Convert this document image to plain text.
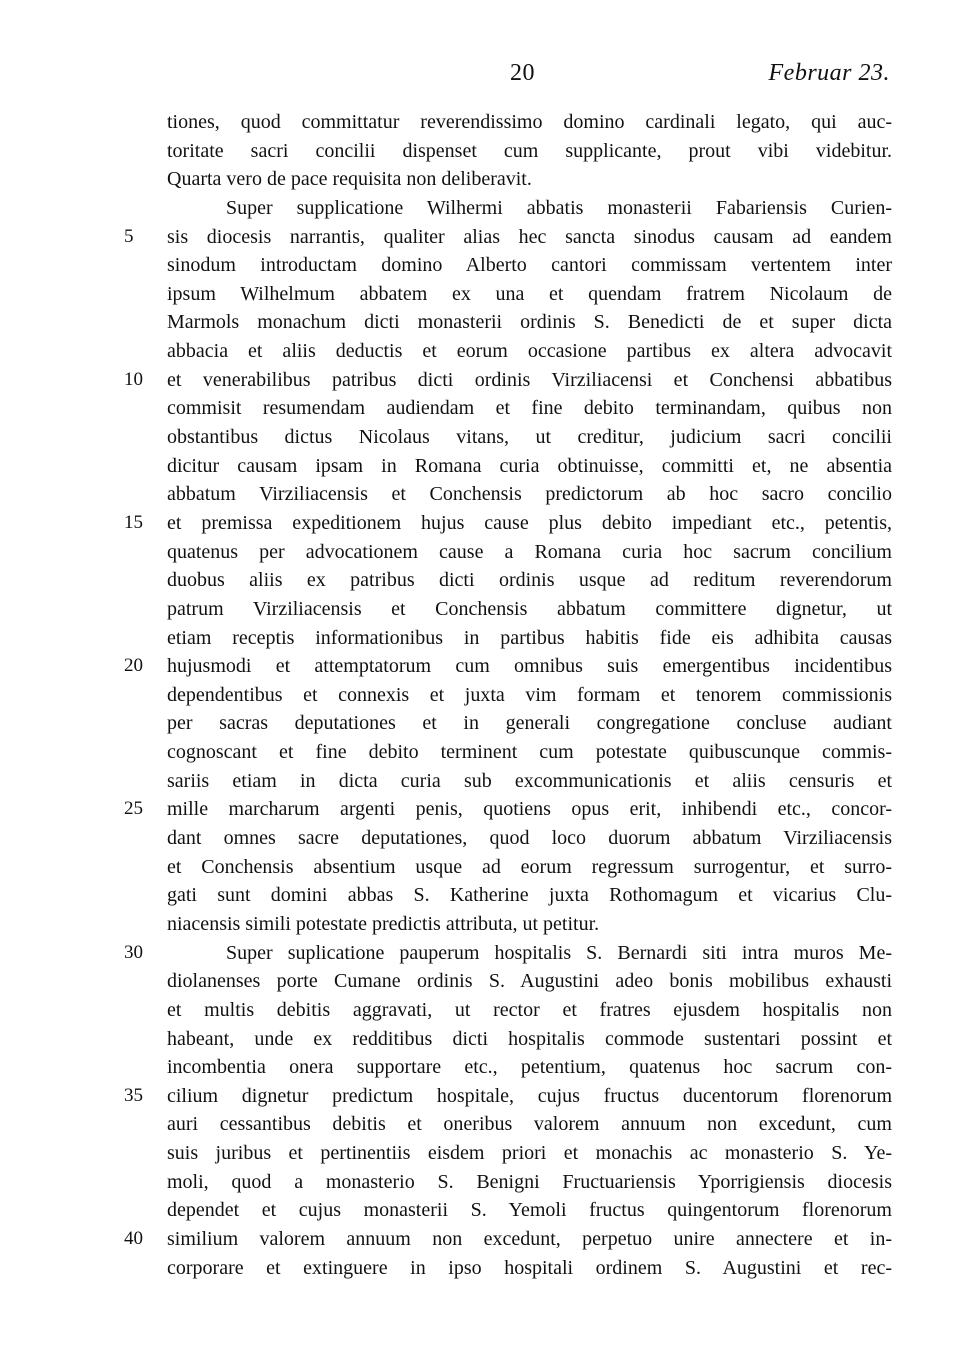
20	Februar 23.
tiones, quod committatur reverendissimo domino cardinali legato, qui auc-
toritate sacri concilii dispenset cum supplicante, prout vibi videbitur.
Quarta vero de pace requisita non deliberavit.
Super supplicatione Wilhermi abbatis monasterii Fabariensis Curien-
5	sis diocesis narrantis, qualiter alias hec sancta sinodus causam ad eandem
sinodum introductam domino Alberto cantori commissam vertentem inter
ipsum Wilhelmum abbatem ex una et quendam fratrem Nicolaum de
Marmols monachum dicti monasterii ordinis S. Benedicti de et super dicta
abbacia et aliis deductis et eorum occasione partibus ex altera advocavit
10	et venerabilibus patribus dicti ordinis Virziliacensi et Conchensi abbatibus
commisit resumendam audiendam et fine debito terminandam, quibus non
obstantibus dictus Nicolaus vitans, ut creditur, judicium sacri concilii
dicitur causam ipsam in Romana curia obtinuisse, committi et, ne absentia
abbatum Virziliacensis et Conchensis predictorum ab hoc sacro concilio
15	et premissa expeditionem hujus cause plus debito impediant etc., petentis,
quatenus per advocationem cause a Romana curia hoc sacrum concilium
duobus aliis ex patribus dicti ordinis usque ad reditum reverendorum
patrum Virziliacensis et Conchensis abbatum committere dignetur, ut
etiam receptis informationibus in partibus habitis fide eis adhibita causas
20	hujusmodi et attemptatorum cum omnibus suis emergentibus incidentibus
dependentibus et connexis et juxta vim formam et tenorem commissionis
per sacras deputationes et in generali congregatione concluse audiant
cognoscant et fine debito terminent cum potestate quibuscunque commis-
sariis etiam in dicta curia sub excommunicationis et aliis censuris et
25	mille marcharum argenti penis, quotiens opus erit, inhibendi etc., concor-
dant omnes sacre deputationes, quod loco duorum abbatum Virziliacensis
et Conchensis absentium usque ad eorum regressum surrogentur, et surro-
gati sunt domini abbas S. Katherine juxta Rothomagum et vicarius Clu-
niacensis simili potestate predictis attributa, ut petitur.
30	Super suplicatione pauperum hospitalis S. Bernardi siti intra muros Me-
diolanenses porte Cumane ordinis S. Augustini adeo bonis mobilibus exhausti
et multis debitis aggravati, ut rector et fratres ejusdem hospitalis non
habeant, unde ex redditibus dicti hospitalis commode sustentari possint et
incombentia onera supportare etc., petentium, quatenus hoc sacrum con-
35	cilium dignetur predictum hospitale, cujus fructus ducentorum florenorum
auri cessantibus debitis et oneribus valorem annuum non excedunt, cum
suis juribus et pertinentiis eisdem priori et monachis ac monasterio S. Ye-
moli, quod a monasterio S. Benigni Fructuariensis Yporrigiensis diocesis
dependet et cujus monasterii S. Yemoli fructus quingentorum florenorum
40	similium valorem annuum non excedunt, perpetuo unire annectere et in-
corporare et extinguere in ipso hospitali ordinem S. Augustini et rec-
